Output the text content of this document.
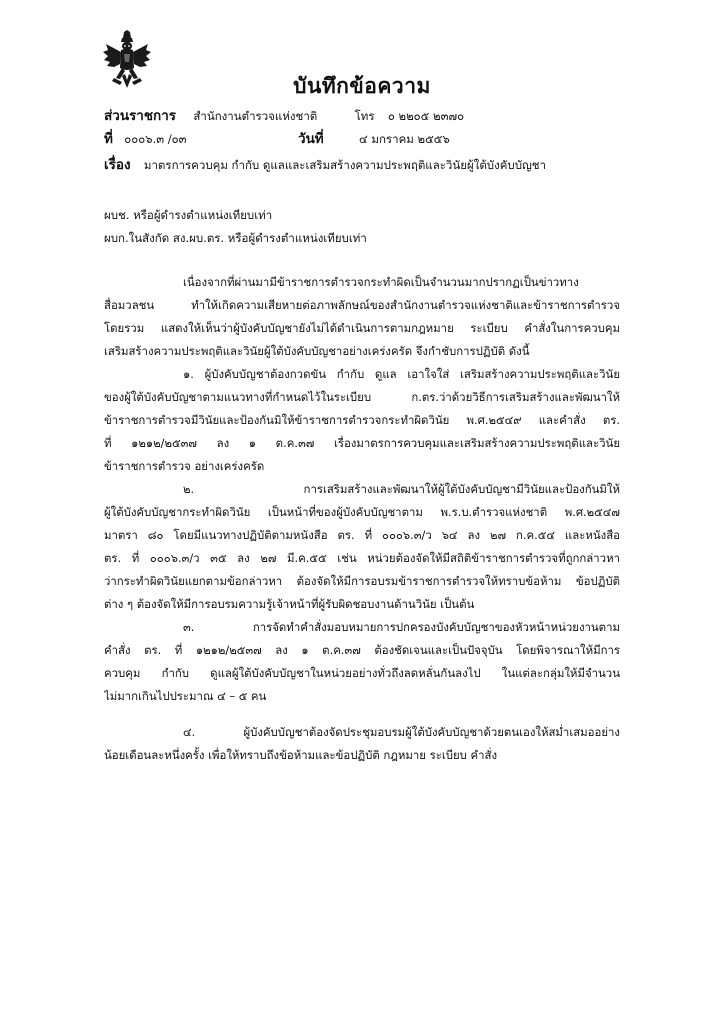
บันทึกข้อความ
ส่วนราชการ สำนักงานตำรวจแห่งชาติ	โทร ๐ ๒๒๐๕ ๒๓๗๐
ที่ ๐๐๐๖.๓ /๐๓	วันที่	๔ มกราคม ๒๕๕๖
เรื่อง มาตรการควบคุม กำกับ ดูแลและเสริมสร้างความประพฤติและวินัยผู้ใต้บังคับบัญชา
ผบช. หรือผู้ดำรงตำแหน่งเทียบเท่า
ผบก.ในสังกัด สง.ผบ.ตร. หรือผู้ดำรงตำแหน่งเทียบเท่า
เนื่องจากที่ผ่านมามีข้าราชการตำรวจกระทำผิดเป็นจำนวนมากปรากฏเป็นข่าวทาง
สื่อมวลชน ทำให้เกิดความเสียหายต่อภาพลักษณ์ของสำนักงานตำรวจแห่งชาติและข้าราชการตำรวจ
โดยรวม แสดงให้เห็นว่าผู้บังคับบัญชายังไม่ได้ดำเนินการตามกฎหมาย ระเบียบ คำสั่งในการควบคุม
เสริมสร้างความประพฤติและวินัยผู้ใต้บังคับบัญชาอย่างเคร่งครัด จึงกำชับการปฏิบัติ ดังนี้
๑. ผู้บังคับบัญชาต้องกวดขัน กำกับ ดูแล เอาใจใส่ เสริมสร้างความประพฤติและวินัย
ของผู้ใต้บังคับบัญชาตามแนวทางที่กำหนดไว้ในระเบียบ ก.ตร.ว่าด้วยวิธีการเสริมสร้างและพัฒนาให้
ข้าราชการตำรวจมีวินัยและป้องกันมิให้ข้าราชการตำรวจกระทำผิดวินัย พ.ศ.๒๕๔๙ และคำสั่ง ตร.
ที่ ๑๒๑๒/๒๕๓๗ ลง ๑ ต.ค.๓๗ เรื่องมาตรการควบคุมและเสริมสร้างความประพฤติและวินัย
ข้าราชการตำรวจ อย่างเคร่งครัด
๒. การเสริมสร้างและพัฒนาให้ผู้ใต้บังคับบัญชามีวินัยและป้องกันมิให้
ผู้ใต้บังคับบัญชากระทำผิดวินัย เป็นหน้าที่ของผู้บังคับบัญชาตาม พ.ร.บ.ตำรวจแห่งชาติ พ.ศ.๒๕๔๗
มาตรา ๘๐ โดยมีแนวทางปฏิบัติตามหนังสือ ตร. ที่ ๐๐๐๖.๓/ว ๖๔ ลง ๒๗ ก.ค.๕๔ และหนังสือ
ตร. ที่ ๐๐๐๖.๓/ว ๓๕ ลง ๒๗ มี.ค.๕๕ เช่น หน่วยต้องจัดให้มีสถิติข้าราชการตำรวจที่ถูกกล่าวหา
ว่ากระทำผิดวินัยแยกตามข้อกล่าวหา ต้องจัดให้มีการอบรมข้าราชการตำรวจให้ทราบข้อห้าม ข้อปฏิบัติ
ต่าง ๆ ต้องจัดให้มีการอบรมความรู้เจ้าหน้าที่ผู้รับผิดชอบงานด้านวินัย เป็นต้น
๓. การจัดทำคำสั่งมอบหมายการปกครองบังคับบัญชาของหัวหน้าหน่วยงานตาม
คำสั่ง ตร. ที่ ๑๒๑๒/๒๕๓๗ ลง ๑ ต.ค.๓๗ ต้องชัดเจนและเป็นปัจจุบัน โดยพิจารณาให้มีการ
ควบคุม กำกับ ดูแลผู้ใต้บังคับบัญชาในหน่วยอย่างทั่วถึงลดหลั่นกันลงไป ในแต่ละกลุ่มให้มีจำนวน
ไม่มากเกินไปประมาณ ๔ – ๕ คน
๔. ผู้บังคับบัญชาต้องจัดประชุมอบรมผู้ใต้บังคับบัญชาด้วยตนเองให้สม่ำเสมออย่าง
น้อยเดือนละหนึ่งครั้ง เพื่อให้ทราบถึงข้อห้ามและข้อปฏิบัติ กฎหมาย ระเบียบ คำสั่ง
